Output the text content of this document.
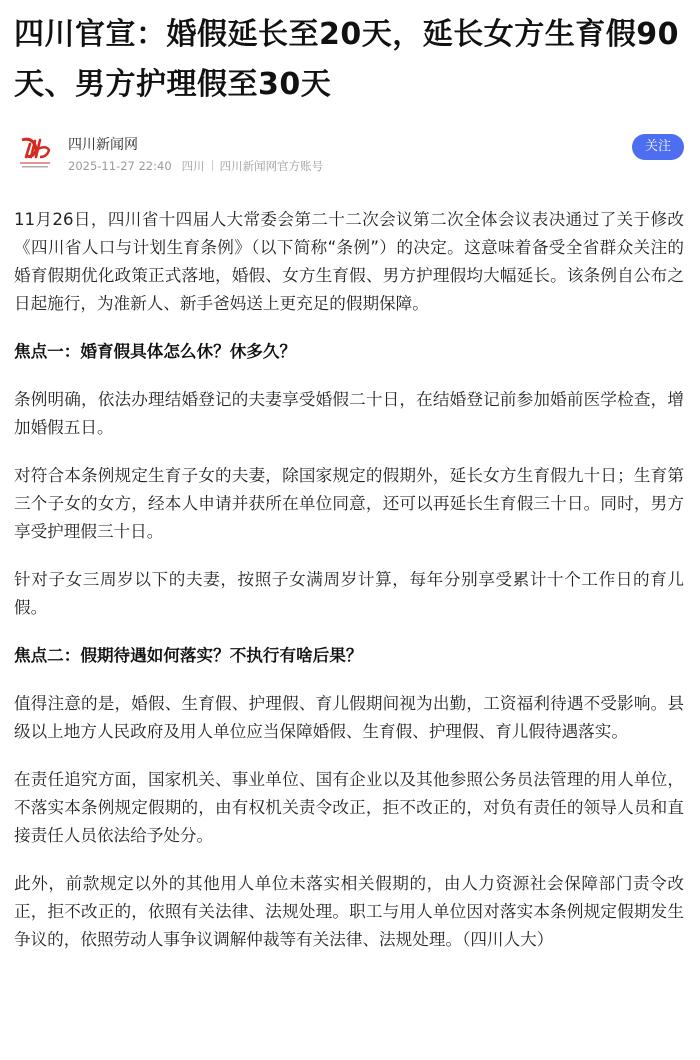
四川官宣：婚假延长至20天，延长女方生育假90天、男方护理假至30天
四川新闻网
2025-11-27 22:40 四川 四川新闻网官方账号
关注

11月26日，四川省十四届人大常委会第二十二次会议第二次全体会议表决通过了关于修改《四川省人口与计划生育条例》（以下简称“条例”）的决定。这意味着备受全省群众关注的婚育假期优化政策正式落地，婚假、女方生育假、男方护理假均大幅延长。该条例自公布之日起施行，为准新人、新手爸妈送上更充足的假期保障。

焦点一：婚育假具体怎么休？休多久？

条例明确，依法办理结婚登记的夫妻享受婚假二十日，在结婚登记前参加婚前医学检查，增加婚假五日。

对符合本条例规定生育子女的夫妻，除国家规定的假期外，延长女方生育假九十日；生育第三个子女的女方，经本人申请并获所在单位同意，还可以再延长生育假三十日。同时，男方享受护理假三十日。

针对子女三周岁以下的夫妻，按照子女满周岁计算，每年分别享受累计十个工作日的育儿假。

焦点二：假期待遇如何落实？不执行有啥后果？

值得注意的是，婚假、生育假、护理假、育儿假期间视为出勤，工资福利待遇不受影响。县级以上地方人民政府及用人单位应当保障婚假、生育假、护理假、育儿假待遇落实。

在责任追究方面，国家机关、事业单位、国有企业以及其他参照公务员法管理的用人单位，不落实本条例规定假期的，由有权机关责令改正，拒不改正的，对负有责任的领导人员和直接责任人员依法给予处分。

此外，前款规定以外的其他用人单位未落实相关假期的，由人力资源社会保障部门责令改正，拒不改正的，依照有关法律、法规处理。职工与用人单位因对落实本条例规定假期发生争议的，依照劳动人事争议调解仲裁等有关法律、法规处理。（四川人大）
